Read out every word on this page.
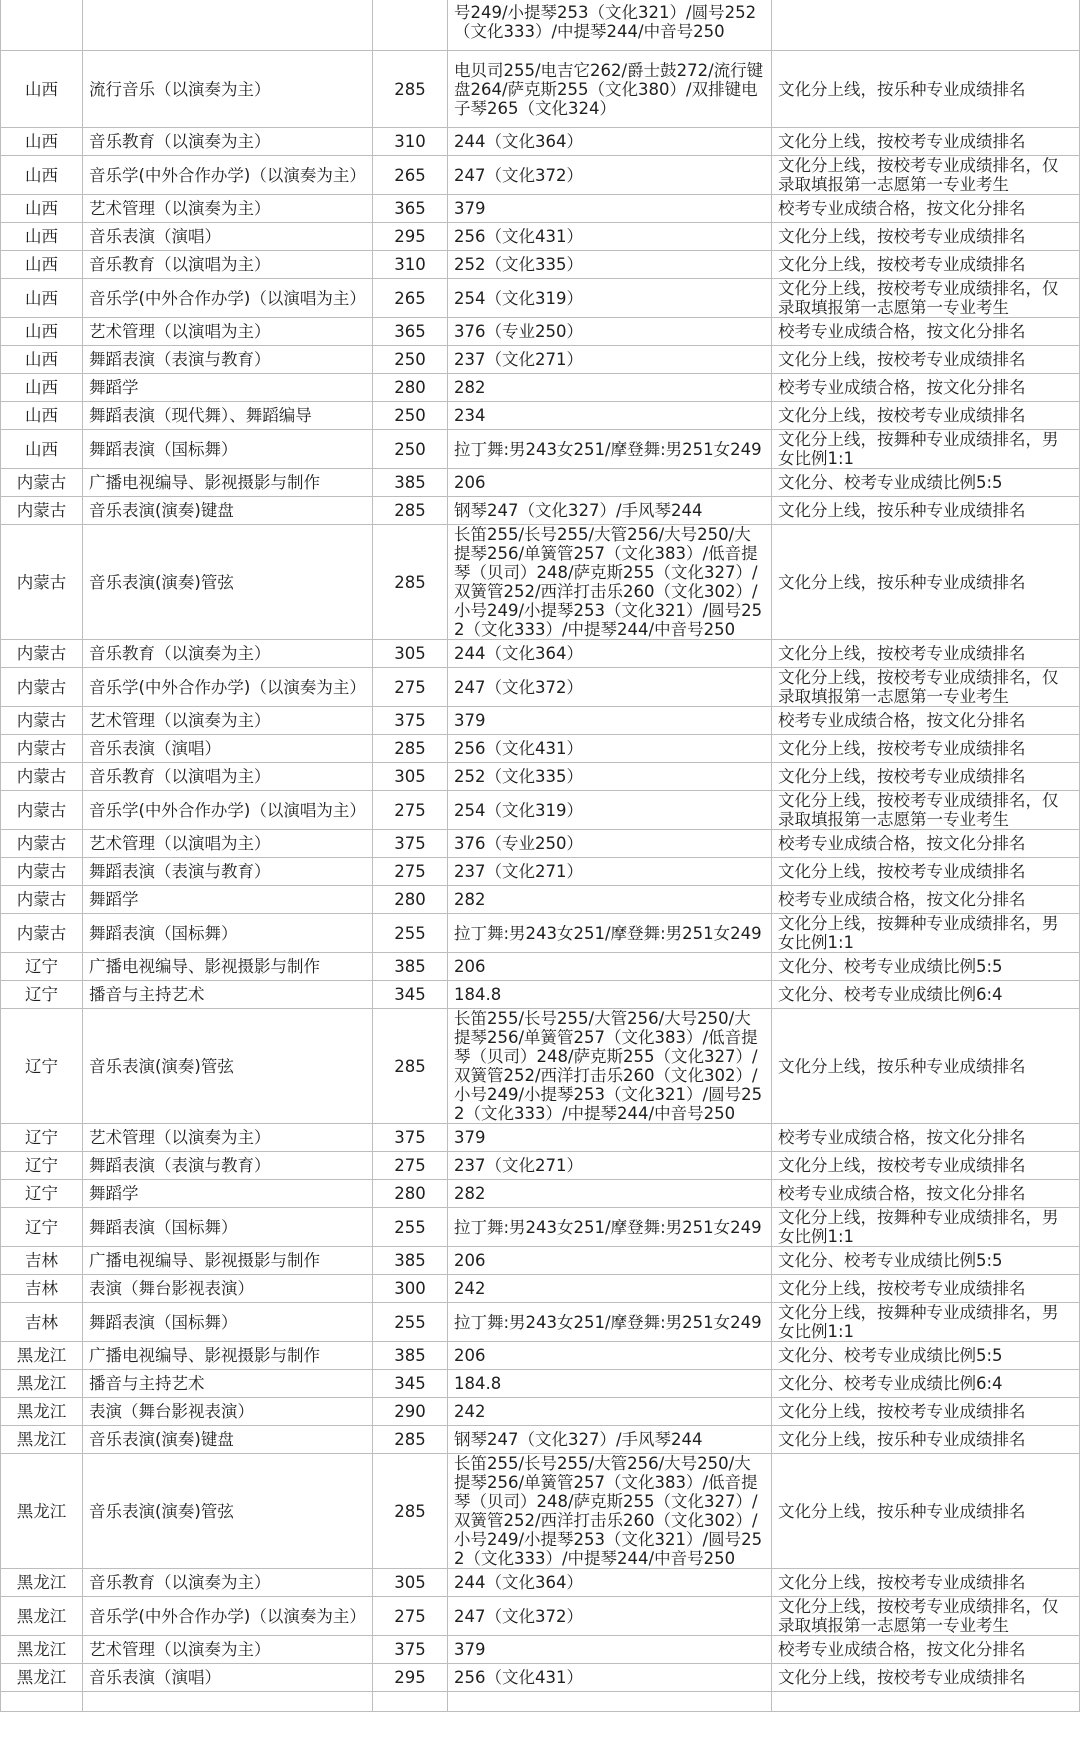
			号249/小提琴253（文化321）/圆号252（文化333）/中提琴244/中音号250	
山西	流行音乐（以演奏为主）	285	电贝司255/电吉它262/爵士鼓272/流行键盘264/萨克斯255（文化380）/双排键电子琴265（文化324）	文化分上线，按乐种专业成绩排名
山西	音乐教育（以演奏为主）	310	244（文化364）	文化分上线，按校考专业成绩排名
山西	音乐学(中外合作办学)（以演奏为主）	265	247（文化372）	文化分上线，按校考专业成绩排名，仅录取填报第一志愿第一专业考生
山西	艺术管理（以演奏为主）	365	379	校考专业成绩合格，按文化分排名
山西	音乐表演（演唱）	295	256（文化431）	文化分上线，按校考专业成绩排名
山西	音乐教育（以演唱为主）	310	252（文化335）	文化分上线，按校考专业成绩排名
山西	音乐学(中外合作办学)（以演唱为主）	265	254（文化319）	文化分上线，按校考专业成绩排名，仅录取填报第一志愿第一专业考生
山西	艺术管理（以演唱为主）	365	376（专业250）	校考专业成绩合格，按文化分排名
山西	舞蹈表演（表演与教育）	250	237（文化271）	文化分上线，按校考专业成绩排名
山西	舞蹈学	280	282	校考专业成绩合格，按文化分排名
山西	舞蹈表演（现代舞）、舞蹈编导	250	234	文化分上线，按校考专业成绩排名
山西	舞蹈表演（国标舞）	250	拉丁舞:男243女251/摩登舞:男251女249	文化分上线，按舞种专业成绩排名，男女比例1:1
内蒙古	广播电视编导、影视摄影与制作	385	206	文化分、校考专业成绩比例5:5
内蒙古	音乐表演(演奏)键盘	285	钢琴247（文化327）/手风琴244	文化分上线，按乐种专业成绩排名
内蒙古	音乐表演(演奏)管弦	285	长笛255/长号255/大管256/大号250/大提琴256/单簧管257（文化383）/低音提琴（贝司）248/萨克斯255（文化327）/双簧管252/西洋打击乐260（文化302）/小号249/小提琴253（文化321）/圆号252（文化333）/中提琴244/中音号250	文化分上线，按乐种专业成绩排名
内蒙古	音乐教育（以演奏为主）	305	244（文化364）	文化分上线，按校考专业成绩排名
内蒙古	音乐学(中外合作办学)（以演奏为主）	275	247（文化372）	文化分上线，按校考专业成绩排名，仅录取填报第一志愿第一专业考生
内蒙古	艺术管理（以演奏为主）	375	379	校考专业成绩合格，按文化分排名
内蒙古	音乐表演（演唱）	285	256（文化431）	文化分上线，按校考专业成绩排名
内蒙古	音乐教育（以演唱为主）	305	252（文化335）	文化分上线，按校考专业成绩排名
内蒙古	音乐学(中外合作办学)（以演唱为主）	275	254（文化319）	文化分上线，按校考专业成绩排名，仅录取填报第一志愿第一专业考生
内蒙古	艺术管理（以演唱为主）	375	376（专业250）	校考专业成绩合格，按文化分排名
内蒙古	舞蹈表演（表演与教育）	275	237（文化271）	文化分上线，按校考专业成绩排名
内蒙古	舞蹈学	280	282	校考专业成绩合格，按文化分排名
内蒙古	舞蹈表演（国标舞）	255	拉丁舞:男243女251/摩登舞:男251女249	文化分上线，按舞种专业成绩排名，男女比例1:1
辽宁	广播电视编导、影视摄影与制作	385	206	文化分、校考专业成绩比例5:5
辽宁	播音与主持艺术	345	184.8	文化分、校考专业成绩比例6:4
辽宁	音乐表演(演奏)管弦	285	长笛255/长号255/大管256/大号250/大提琴256/单簧管257（文化383）/低音提琴（贝司）248/萨克斯255（文化327）/双簧管252/西洋打击乐260（文化302）/小号249/小提琴253（文化321）/圆号252（文化333）/中提琴244/中音号250	文化分上线，按乐种专业成绩排名
辽宁	艺术管理（以演奏为主）	375	379	校考专业成绩合格，按文化分排名
辽宁	舞蹈表演（表演与教育）	275	237（文化271）	文化分上线，按校考专业成绩排名
辽宁	舞蹈学	280	282	校考专业成绩合格，按文化分排名
辽宁	舞蹈表演（国标舞）	255	拉丁舞:男243女251/摩登舞:男251女249	文化分上线，按舞种专业成绩排名，男女比例1:1
吉林	广播电视编导、影视摄影与制作	385	206	文化分、校考专业成绩比例5:5
吉林	表演（舞台影视表演）	300	242	文化分上线，按校考专业成绩排名
吉林	舞蹈表演（国标舞）	255	拉丁舞:男243女251/摩登舞:男251女249	文化分上线，按舞种专业成绩排名，男女比例1:1
黑龙江	广播电视编导、影视摄影与制作	385	206	文化分、校考专业成绩比例5:5
黑龙江	播音与主持艺术	345	184.8	文化分、校考专业成绩比例6:4
黑龙江	表演（舞台影视表演）	290	242	文化分上线，按校考专业成绩排名
黑龙江	音乐表演(演奏)键盘	285	钢琴247（文化327）/手风琴244	文化分上线，按乐种专业成绩排名
黑龙江	音乐表演(演奏)管弦	285	长笛255/长号255/大管256/大号250/大提琴256/单簧管257（文化383）/低音提琴（贝司）248/萨克斯255（文化327）/双簧管252/西洋打击乐260（文化302）/小号249/小提琴253（文化321）/圆号252（文化333）/中提琴244/中音号250	文化分上线，按乐种专业成绩排名
黑龙江	音乐教育（以演奏为主）	305	244（文化364）	文化分上线，按校考专业成绩排名
黑龙江	音乐学(中外合作办学)（以演奏为主）	275	247（文化372）	文化分上线，按校考专业成绩排名，仅录取填报第一志愿第一专业考生
黑龙江	艺术管理（以演奏为主）	375	379	校考专业成绩合格，按文化分排名
黑龙江	音乐表演（演唱）	295	256（文化431）	文化分上线，按校考专业成绩排名
